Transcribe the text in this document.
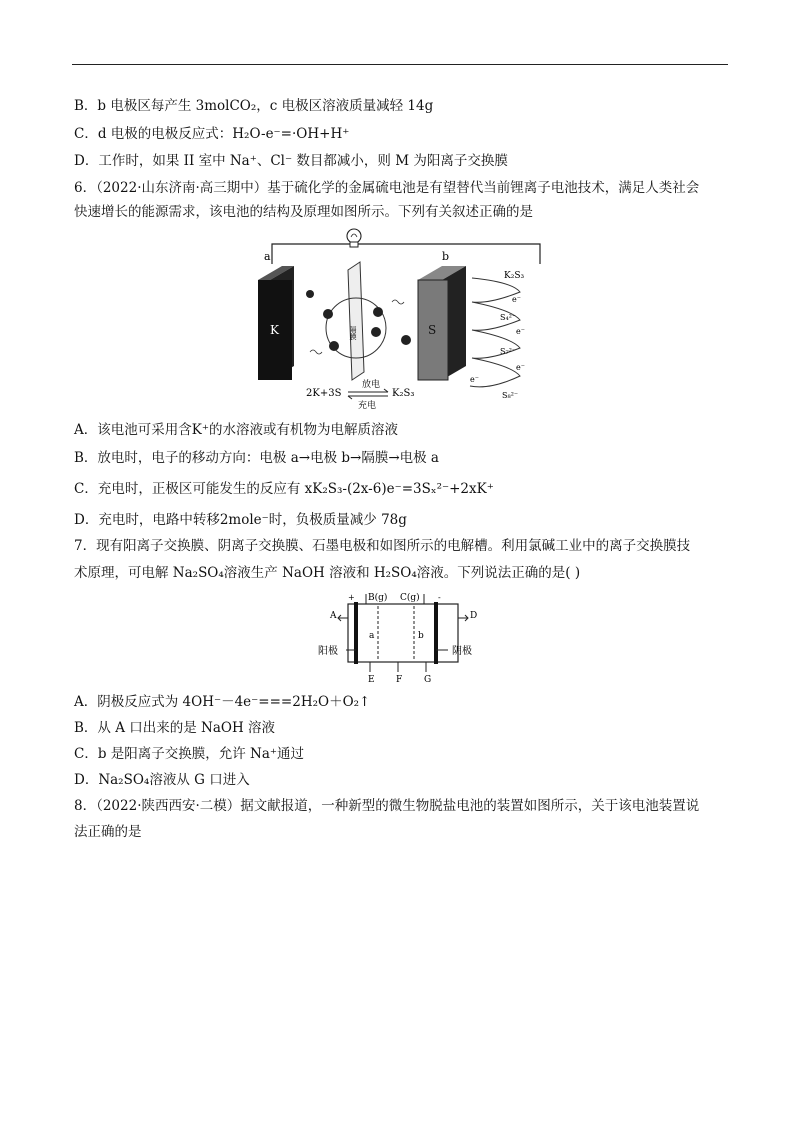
B．b 电极区每产生 3molCO₂，c 电极区溶液质量减轻 14g
C．d 电极的电极反应式：H₂O-e⁻=·OH+H⁺
D．工作时，如果 II 室中 Na⁺、Cl⁻ 数目都减小，则 M 为阳离子交换膜
6．（2022·山东济南·高三期中）基于硫化学的金属硫电池是有望替代当前锂离子电池技术，满足人类社会
快速增长的能源需求，该电池的结构及原理如图所示。下列有关叙述正确的是
a	b
K	S
隔膜
2K+3S
放电
充电
K₂S₃
K₂S₃
e⁻
S₄²⁻
e⁻
S₇²⁻
e⁻
e⁻
S₈²⁻
A．该电池可采用含K⁺的水溶液或有机物为电解质溶液
B．放电时，电子的移动方向：电极 a→电极 b→隔膜→电极 a
C．充电时，正极区可能发生的反应有 xK₂S₃-(2x-6)e⁻=3Sₓ²⁻+2xK⁺
D．充电时，电路中转移2mole⁻时，负极质量减少 78g
7．现有阳离子交换膜、阴离子交换膜、石墨电极和如图所示的电解槽。利用氯碱工业中的离子交换膜技
术原理，可电解 Na₂SO₄溶液生产 NaOH 溶液和 H₂SO₄溶液。下列说法正确的是( )
+	-
a	b
B(g) C(g)
A	D
E F G
阳极	阴极
A．阴极反应式为 4OH⁻－4e⁻===2H₂O＋O₂↑
B．从 A 口出来的是 NaOH 溶液
C．b 是阳离子交换膜，允许 Na⁺通过
D．Na₂SO₄溶液从 G 口进入
8．（2022·陕西西安·二模）据文献报道，一种新型的微生物脱盐电池的装置如图所示，关于该电池装置说
法正确的是
